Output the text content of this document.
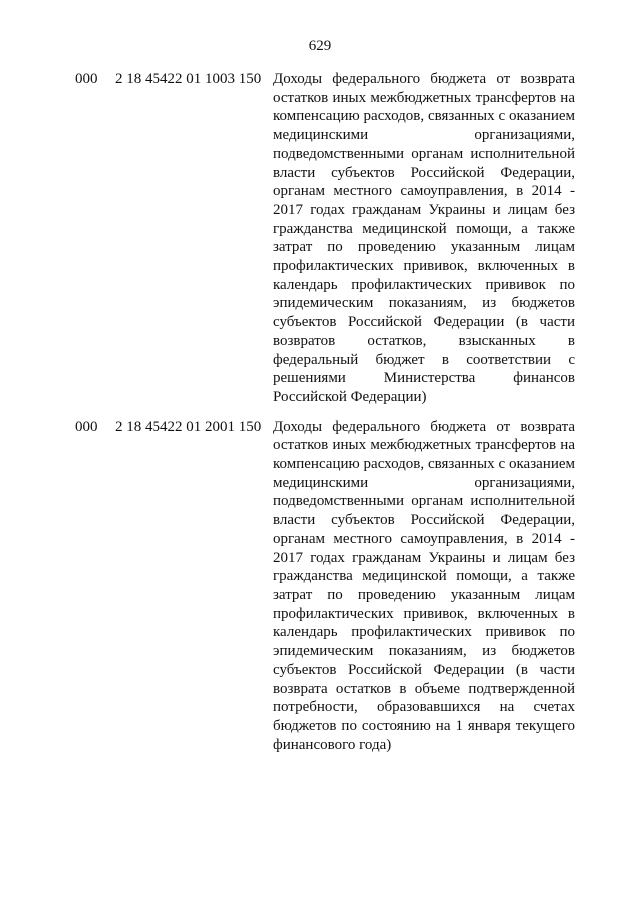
629
000 2 18 45422 01 1003 150 Доходы федерального бюджета от возврата остатков иных межбюджетных трансфертов на компенсацию расходов, связанных с оказанием медицинскими организациями, подведомственными органам исполнительной власти субъектов Российской Федерации, органам местного самоуправления, в 2014 - 2017 годах гражданам Украины и лицам без гражданства медицинской помощи, а также затрат по проведению указанным лицам профилактических прививок, включенных в календарь профилактических прививок по эпидемическим показаниям, из бюджетов субъектов Российской Федерации (в части возвратов остатков, взысканных в федеральный бюджет в соответствии с решениями Министерства финансов Российской Федерации)
000 2 18 45422 01 2001 150 Доходы федерального бюджета от возврата остатков иных межбюджетных трансфертов на компенсацию расходов, связанных с оказанием медицинскими организациями, подведомственными органам исполнительной власти субъектов Российской Федерации, органам местного самоуправления, в 2014 - 2017 годах гражданам Украины и лицам без гражданства медицинской помощи, а также затрат по проведению указанным лицам профилактических прививок, включенных в календарь профилактических прививок по эпидемическим показаниям, из бюджетов субъектов Российской Федерации (в части возврата остатков в объеме подтвержденной потребности, образовавшихся на счетах бюджетов по состоянию на 1 января текущего финансового года)
